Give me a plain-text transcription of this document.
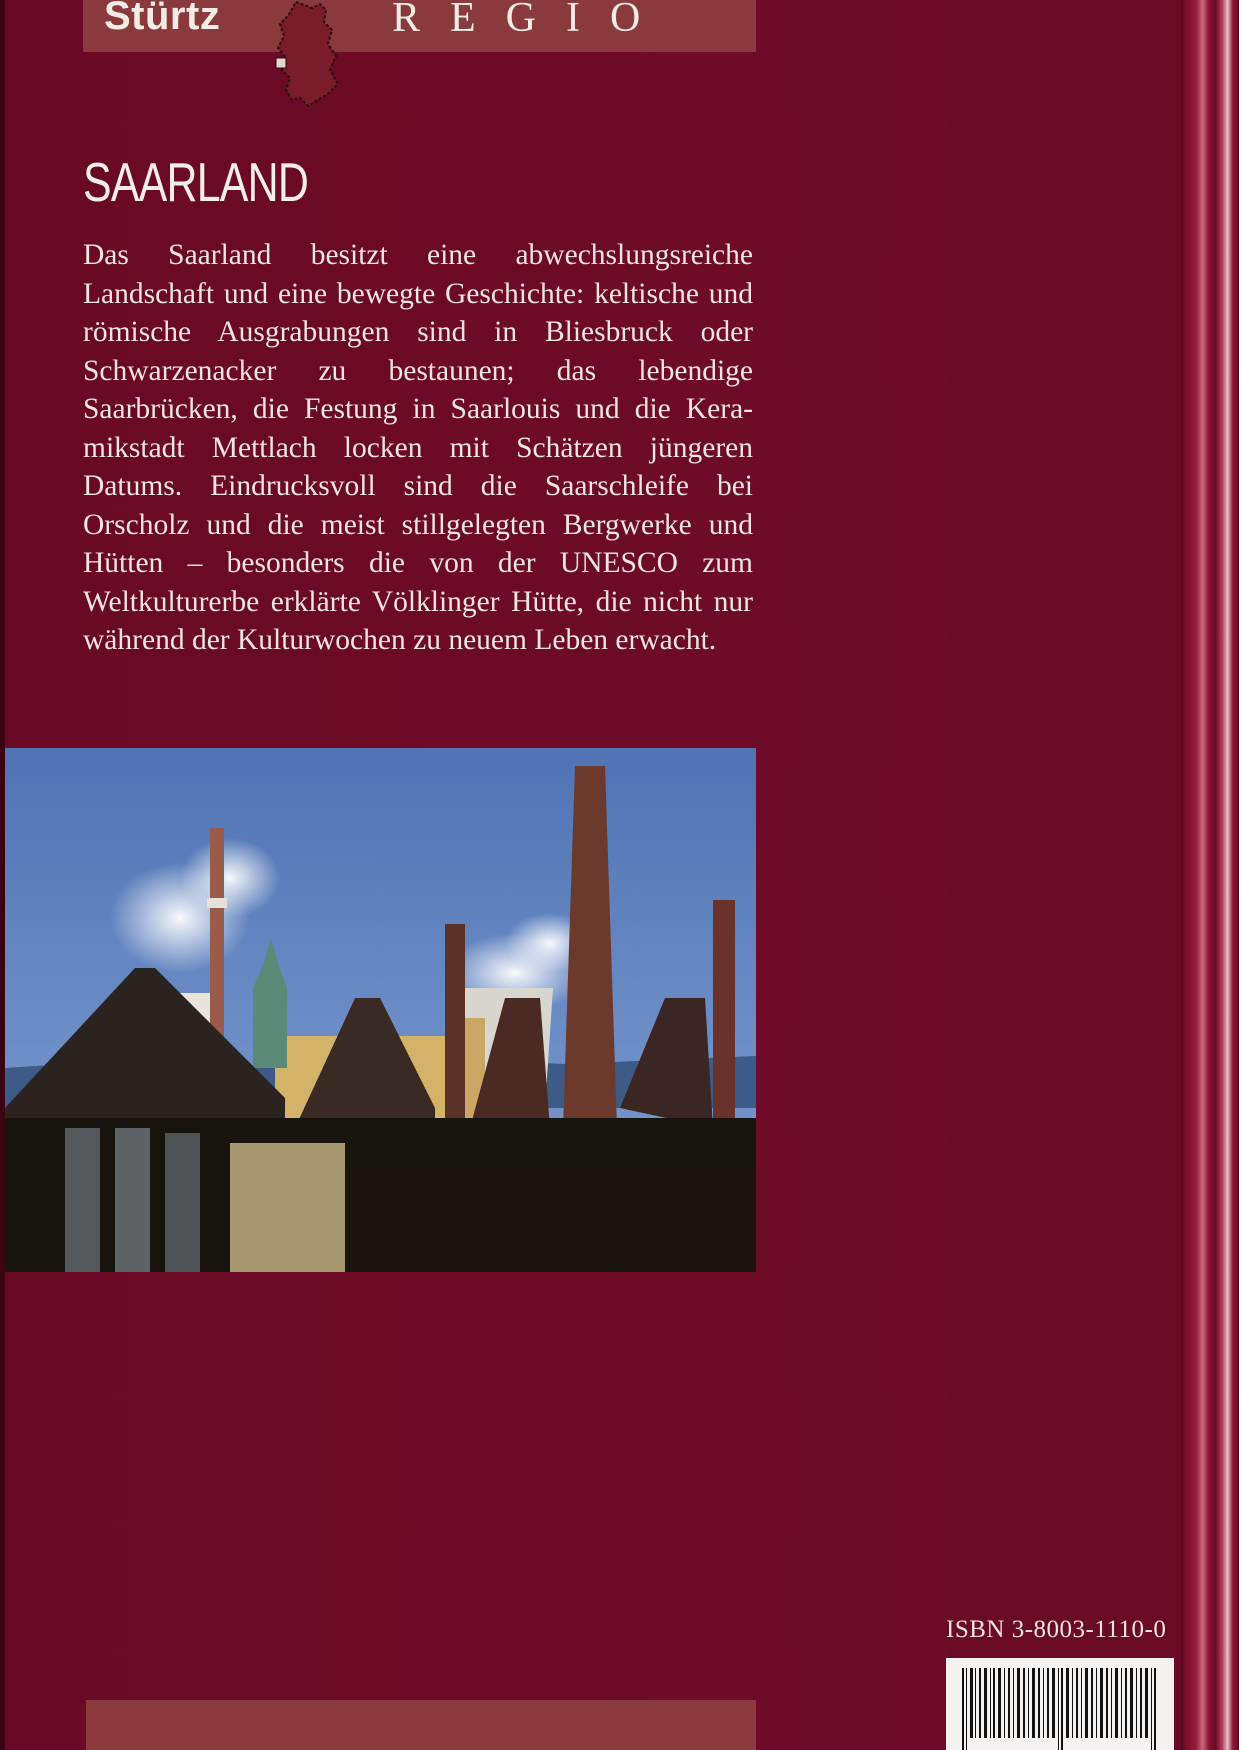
Stürtz	REGIO
SAARLAND
Das Saarland besitzt eine abwechslungsreiche Landschaft und eine bewegte Geschichte: keltische und römische Ausgrabungen sind in Bliesbruck oder Schwarzenacker zu bestaunen; das lebendige Saarbrücken, die Festung in Saarlouis und die Keramikstadt Mettlach locken mit Schätzen jüngeren Datums. Eindrucksvoll sind die Saarschleife bei Orscholz und die meist stillgelegten Bergwerke und Hütten – besonders die von der UNESCO zum Weltkulturerbe erklärte Völklinger Hütte, die nicht nur während der Kulturwochen zu neuem Leben erwacht.
ISBN 3-8003-1110-0
